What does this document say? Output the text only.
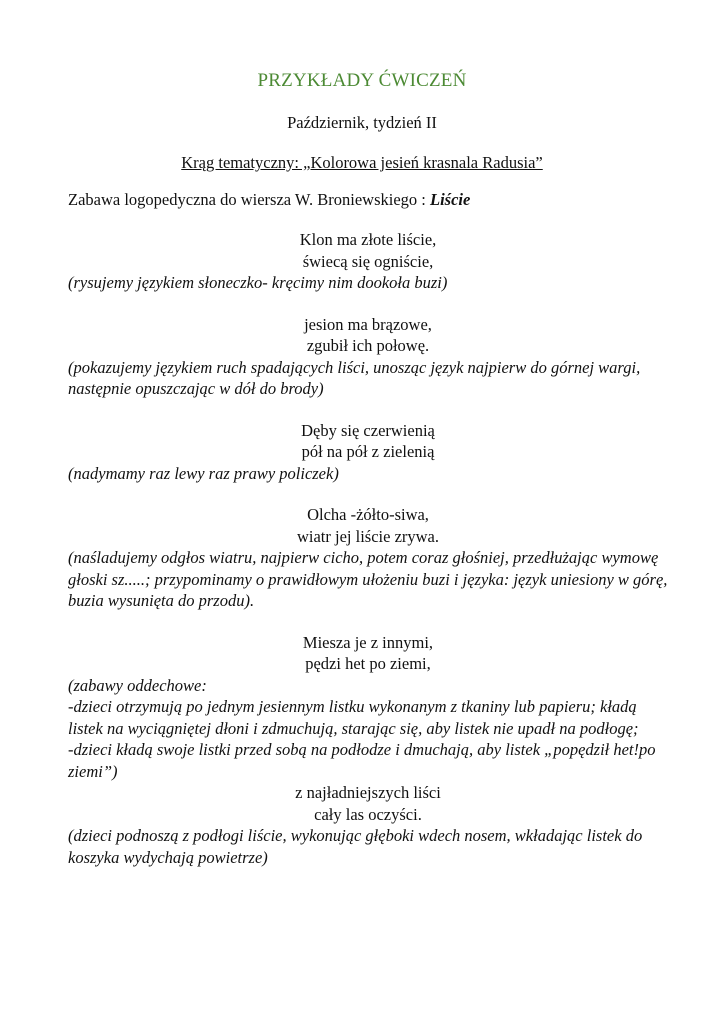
PRZYKŁADY ĆWICZEŃ
Październik, tydzień II
Krąg tematyczny: „Kolorowa jesień krasnala Radusia”
Zabawa logopedyczna do wiersza W. Broniewskiego : Liście
Klon ma złote liście,
świecą się ogniście,
(rysujemy językiem słoneczko- kręcimy nim dookoła buzi)
jesion ma brązowe,
zgubił ich połowę.
(pokazujemy językiem ruch spadających liści, unosząc język najpierw do górnej wargi, następnie opuszczając w dół do brody)
Dęby się czerwienią
pół na pół z zielenią
(nadymamy raz lewy raz prawy policzek)
Olcha -żółto-siwa,
wiatr jej liście zrywa.
(naśladujemy odgłos wiatru, najpierw cicho, potem coraz głośniej, przedłużając wymowę głoski sz.....; przypominamy o prawidłowym ułożeniu buzi i języka: język uniesiony w górę, buzia wysunięta do przodu).
Miesza je z innymi,
pędzi het po ziemi,
(zabawy oddechowe:
-dzieci otrzymują po jednym jesiennym listku wykonanym z tkaniny lub papieru; kładą listek na wyciągniętej dłoni i zdmuchują, starając się, aby listek nie upadł na podłogę;
-dzieci kładą swoje listki przed sobą na podłodze i dmuchają, aby listek „popędził het!po ziemi”)
z najładniejszych liści
cały las oczyści.
(dzieci podnoszą z podłogi liście, wykonując głęboki wdech nosem, wkładając listek do koszyka wydychają powietrze)
